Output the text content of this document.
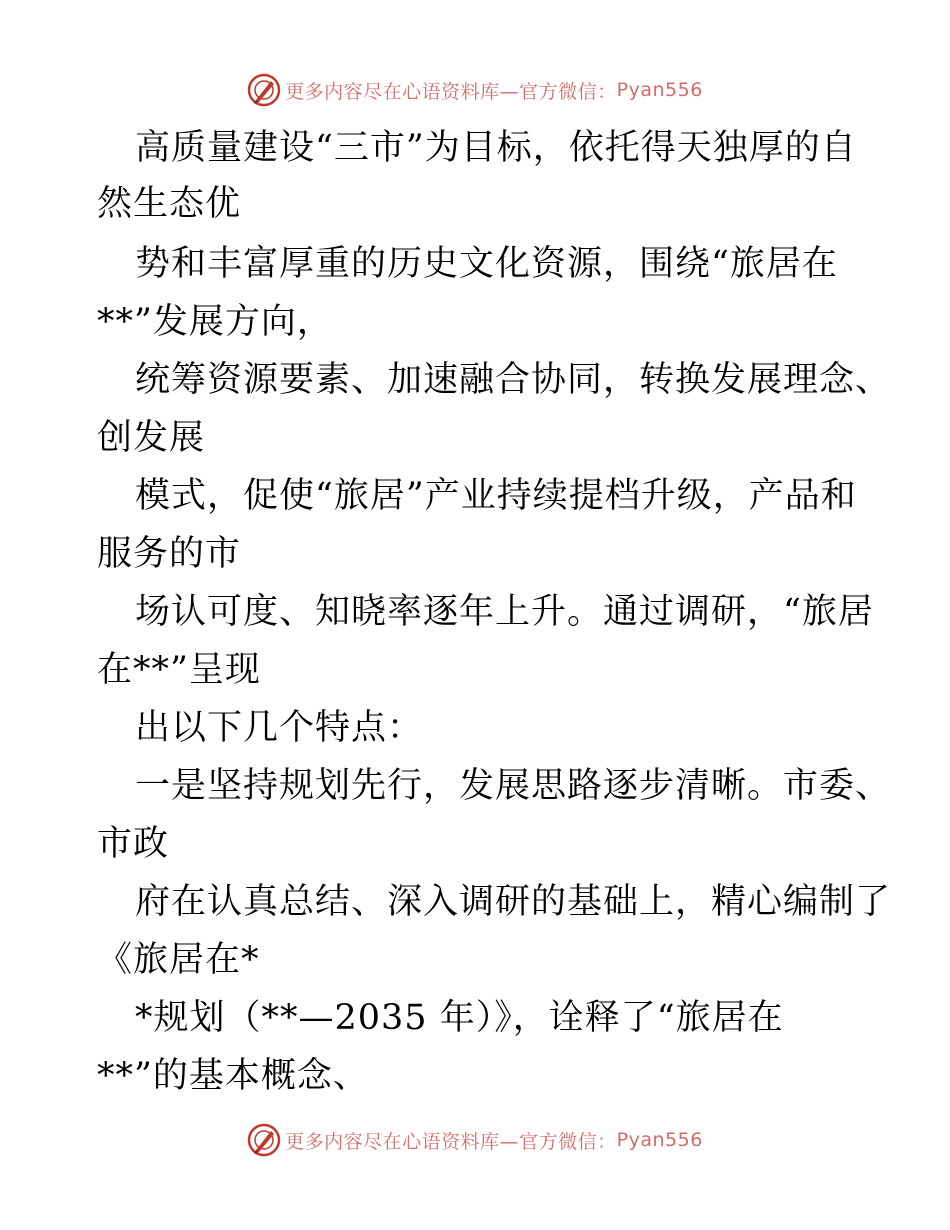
更多内容尽在心语资料库—官方微信： Pyan556
高质量建设“三市”为目标，依托得天独厚的自
然生态优
势和丰富厚重的历史文化资源，围绕“旅居在
**”发展方向，
统筹资源要素、加速融合协同，转换发展理念、
创发展
模式，促使“旅居”产业持续提档升级，产品和
服务的市
场认可度、知晓率逐年上升。通过调研，“旅居
在**”呈现
出以下几个特点：
一是坚持规划先行，发展思路逐步清晰。市委、
市政
府在认真总结、深入调研的基础上，精心编制了
《旅居在*
*规划（**—2035 年）》，诠释了“旅居在
**”的基本概念、
更多内容尽在心语资料库—官方微信： Pyan556
